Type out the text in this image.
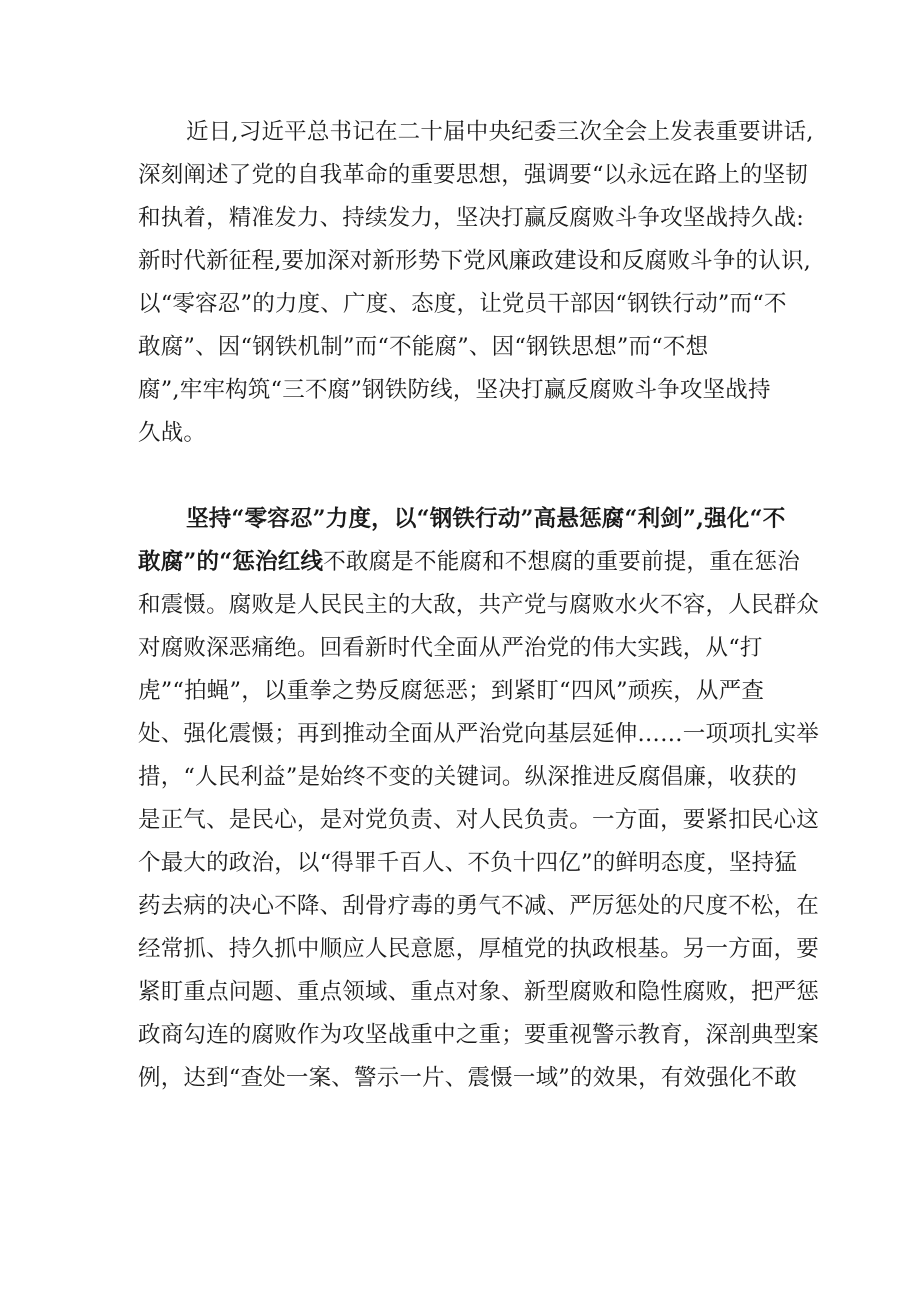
近日,习近平总书记在二十届中央纪委三次全会上发表重要讲话,
深刻阐述了党的自我革命的重要思想，强调要“以永远在路上的坚韧
和执着，精准发力、持续发力，坚决打赢反腐败斗争攻坚战持久战:
新时代新征程,要加深对新形势下党风廉政建设和反腐败斗争的认识,
以“零容忍”的力度、广度、态度，让党员干部因“钢铁行动”而“不
敢腐”、因“钢铁机制”而“不能腐”、因“钢铁思想”而“不想
腐”,牢牢构筑“三不腐”钢铁防线，坚决打赢反腐败斗争攻坚战持
久战。
坚持“零容忍”力度，以“钢铁行动”高悬惩腐“利剑”,强化“不
敢腐”的“惩治红线不敢腐是不能腐和不想腐的重要前提，重在惩治
和震慑。腐败是人民民主的大敌，共产党与腐败水火不容，人民群众
对腐败深恶痛绝。回看新时代全面从严治党的伟大实践，从“打
虎”“拍蝇”，以重拳之势反腐惩恶；到紧盯“四风”顽疾，从严查
处、强化震慑；再到推动全面从严治党向基层延伸……一项项扎实举
措，“人民利益”是始终不变的关键词。纵深推进反腐倡廉，收获的
是正气、是民心，是对党负责、对人民负责。一方面，要紧扣民心这
个最大的政治，以“得罪千百人、不负十四亿”的鲜明态度，坚持猛
药去病的决心不降、刮骨疗毒的勇气不减、严厉惩处的尺度不松，在
经常抓、持久抓中顺应人民意愿，厚植党的执政根基。另一方面，要
紧盯重点问题、重点领域、重点对象、新型腐败和隐性腐败，把严惩
政商勾连的腐败作为攻坚战重中之重；要重视警示教育，深剖典型案
例，达到“查处一案、警示一片、震慑一域”的效果，有效强化不敢
